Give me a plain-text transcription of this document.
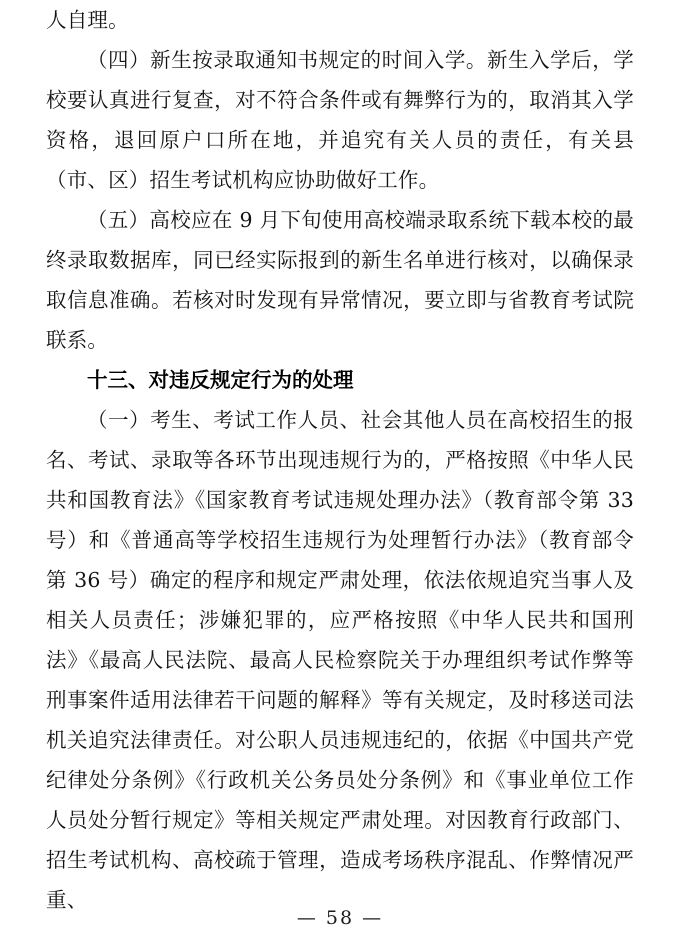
人自理。

（四）新生按录取通知书规定的时间入学。新生入学后，学校要认真进行复查，对不符合条件或有舞弊行为的，取消其入学资格，退回原户口所在地，并追究有关人员的责任，有关县（市、区）招生考试机构应协助做好工作。

（五）高校应在 9 月下旬使用高校端录取系统下载本校的最终录取数据库，同已经实际报到的新生名单进行核对，以确保录取信息准确。若核对时发现有异常情况，要立即与省教育考试院联系。

十三、对违反规定行为的处理

（一）考生、考试工作人员、社会其他人员在高校招生的报名、考试、录取等各环节出现违规行为的，严格按照《中华人民共和国教育法》《国家教育考试违规处理办法》（教育部令第 33 号）和《普通高等学校招生违规行为处理暂行办法》（教育部令第 36 号）确定的程序和规定严肃处理，依法依规追究当事人及相关人员责任；涉嫌犯罪的，应严格按照《中华人民共和国刑法》《最高人民法院、最高人民检察院关于办理组织考试作弊等刑事案件适用法律若干问题的解释》等有关规定，及时移送司法机关追究法律责任。对公职人员违规违纪的，依据《中国共产党纪律处分条例》《行政机关公务员处分条例》和《事业单位工作人员处分暂行规定》等相关规定严肃处理。对因教育行政部门、招生考试机构、高校疏于管理，造成考场秩序混乱、作弊情况严重、

— 58 —
